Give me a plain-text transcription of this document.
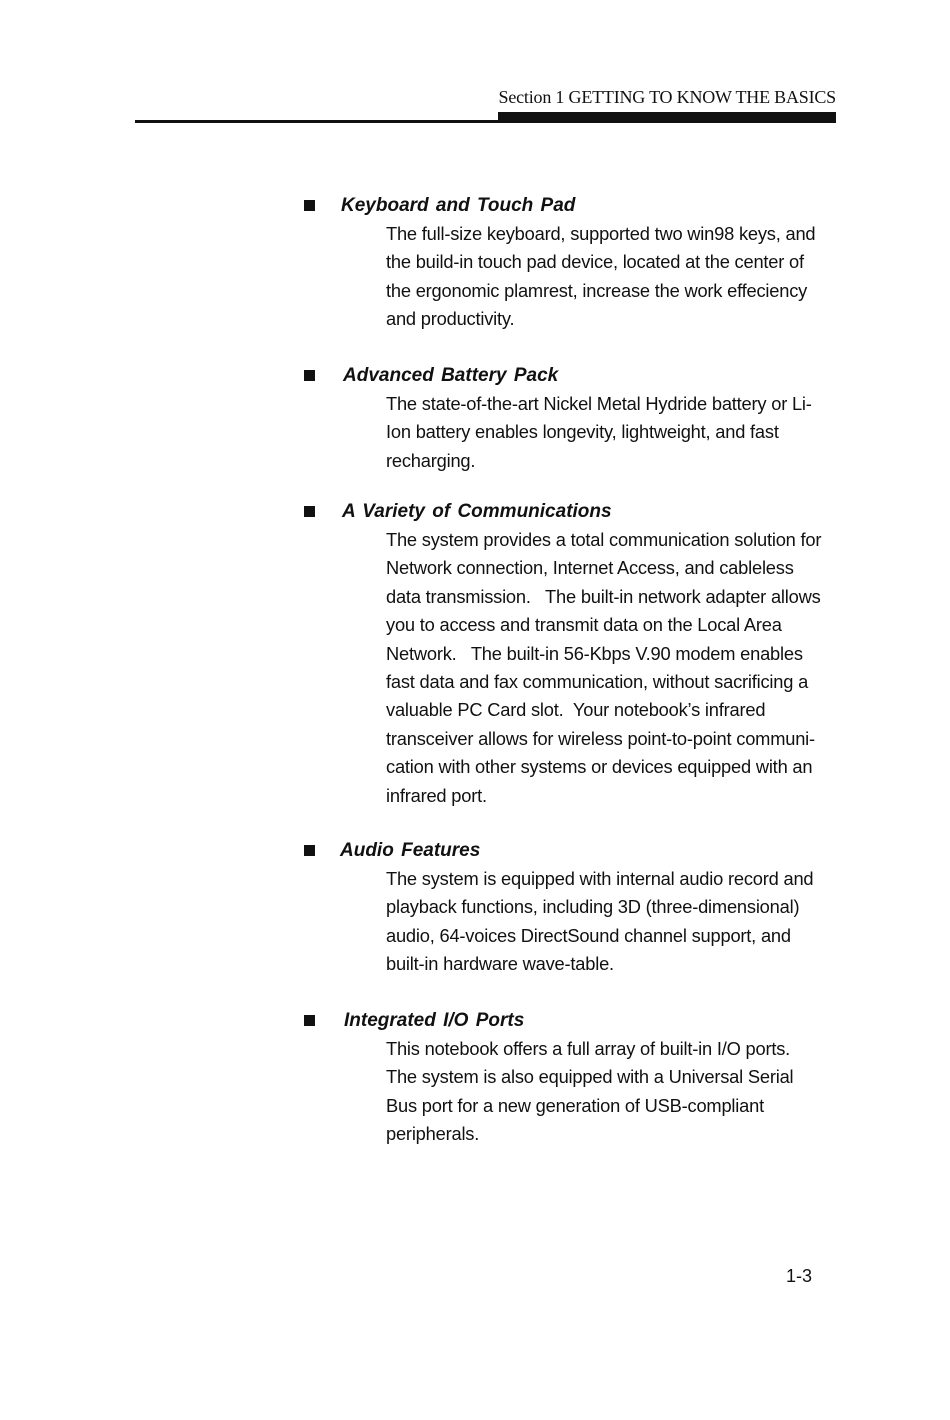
Section 1 GETTING TO KNOW THE BASICS
Keyboard and Touch Pad
The full-size keyboard, supported two win98 keys, and
the build-in touch pad device, located at the center of
the ergonomic plamrest, increase the work effeciency
and productivity.
Advanced Battery Pack
The state-of-the-art Nickel Metal Hydride battery or Li-
Ion battery enables longevity, lightweight, and fast
recharging.
A Variety of Communications
The system provides a total communication solution for
Network connection, Internet Access, and cableless
data transmission.   The built-in network adapter allows
you to access and transmit data on the Local Area
Network.   The built-in 56-Kbps V.90 modem enables
fast data and fax communication, without sacrificing a
valuable PC Card slot.  Your notebook’s infrared
transceiver allows for wireless point-to-point communi-
cation with other systems or devices equipped with an
infrared port.
Audio Features
The system is equipped with internal audio record and
playback functions, including 3D (three-dimensional)
audio, 64-voices DirectSound channel support, and
built-in hardware wave-table.
Integrated I/O Ports
This notebook offers a full array of built-in I/O ports.
The system is also equipped with a Universal Serial
Bus port for a new generation of USB-compliant
peripherals.
1-3
